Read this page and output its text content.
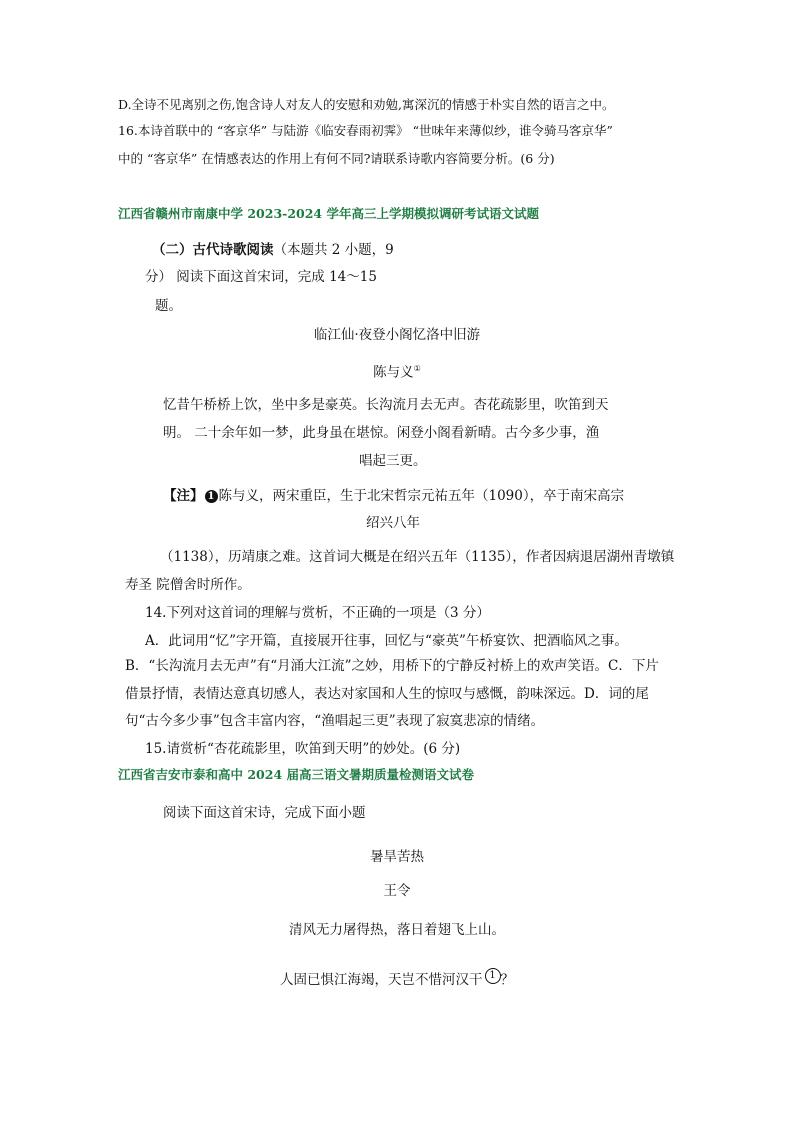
D.全诗不见离别之伤,饱含诗人对友人的安慰和劝勉,寓深沉的情感于朴实自然的语言之中。
16.本诗首联中的 “客京华” 与陆游《临安春雨初霁》 “世味年来薄似纱，谁令骑马客京华”
中的 “客京华” 在情感表达的作用上有何不同?请联系诗歌内容简要分析。(6 分)
江西省赣州市南康中学 2023-2024 学年高三上学期模拟调研考试语文试题
（二）古代诗歌阅读（本题共 2 小题，9
分） 阅读下面这首宋词，完成 14～15
题。
临江仙·夜登小阁忆洛中旧游
陈与义①
忆昔午桥桥上饮，坐中多是豪英。长沟流月去无声。杏花疏影里，吹笛到天
明。 二十余年如一梦，此身虽在堪惊。闲登小阁看新晴。古今多少事，渔
唱起三更。
【注】 1 陈与义，两宋重臣，生于北宋哲宗元祐五年（1090），卒于南宋高宗
绍兴八年
（1138），历靖康之难。这首词大概是在绍兴五年（1135），作者因病退居湖州青墩镇
寿圣 院僧舍时所作。
14.下列对这首词的理解与赏析，不正确的一项是（3 分）
A．此词用“忆”字开篇，直接展开往事，回忆与“豪英”午桥宴饮、把酒临风之事。
B．“长沟流月去无声”有“月涌大江流”之妙，用桥下的宁静反衬桥上的欢声笑语。C．下片
借景抒情，表情达意真切感人，表达对家国和人生的惊叹与感慨，韵味深远。D．词的尾
句“古今多少事”包含丰富内容，“渔唱起三更”表现了寂寞悲凉的情绪。
15.请赏析“杏花疏影里，吹笛到天明”的妙处。(6 分)
江西省吉安市泰和高中 2024 届高三语文暑期质量检测语文试卷
阅读下面这首宋诗，完成下面小题
暑旱苦热
王令
清风无力屠得热，落日着翅飞上山。
人固已惧江海竭，天岂不惜河汉干 1 ？
